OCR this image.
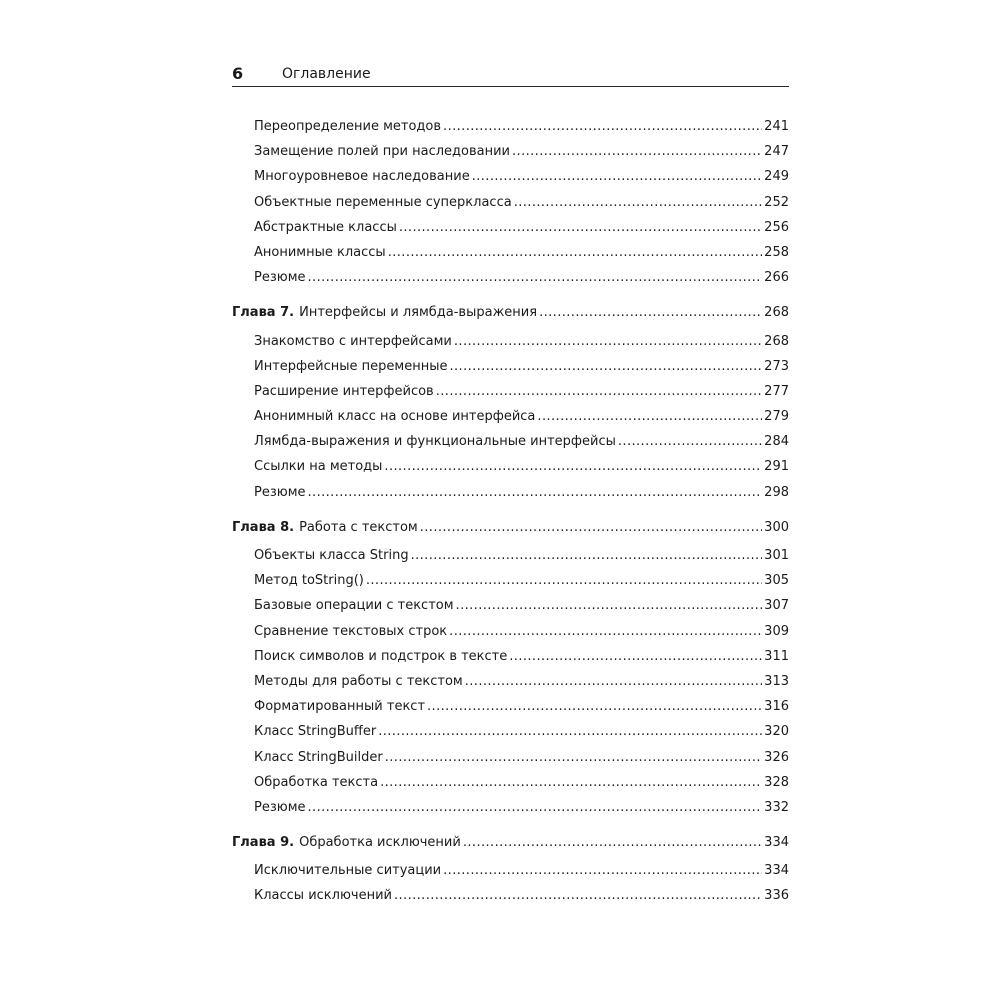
6	Оглавление
Переопределение методов .....	241
Замещение полей при наследовании .....	247
Многоуровневое наследование .....	249
Объектные переменные суперкласса .....	252
Абстрактные классы .....	256
Анонимные классы .....	258
Резюме .....	266
Глава 7. Интерфейсы и лямбда-выражения .....	268
Знакомство с интерфейсами .....	268
Интерфейсные переменные .....	273
Расширение интерфейсов .....	277
Анонимный класс на основе интерфейса .....	279
Лямбда-выражения и функциональные интерфейсы .....	284
Ссылки на методы .....	291
Резюме .....	298
Глава 8. Работа с текстом .....	300
Объекты класса String .....	301
Метод toString() .....	305
Базовые операции с текстом .....	307
Сравнение текстовых строк .....	309
Поиск символов и подстрок в тексте .....	311
Методы для работы с текстом .....	313
Форматированный текст .....	316
Класс StringBuffer .....	320
Класс StringBuilder .....	326
Обработка текста .....	328
Резюме .....	332
Глава 9. Обработка исключений .....	334
Исключительные ситуации .....	334
Классы исключений .....	336
